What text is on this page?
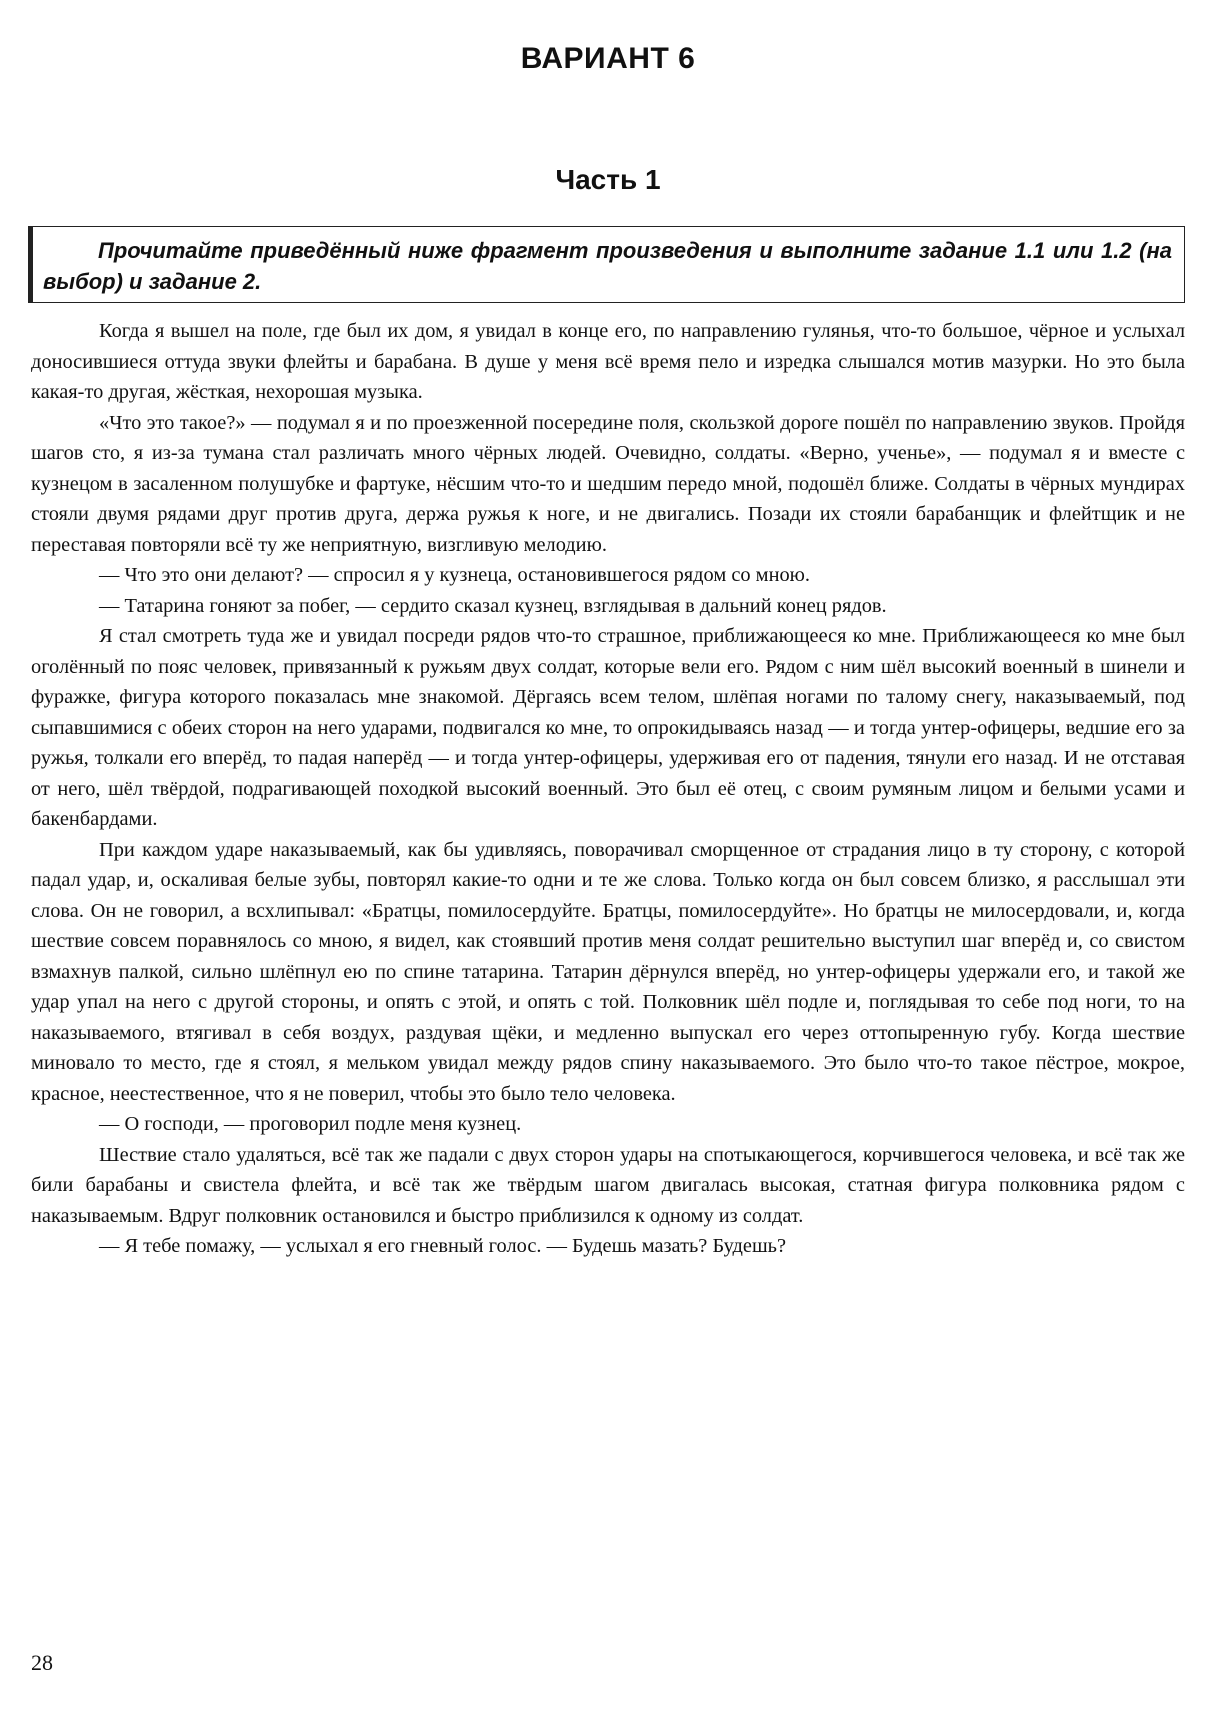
ВАРИАНТ 6
Часть 1
Прочитайте приведённый ниже фрагмент произведения и выполните задание 1.1 или 1.2 (на выбор) и задание 2.

Когда я вышел на поле, где был их дом, я увидал в конце его, по направлению гулянья, что-то большое, чёрное и услыхал доносившиеся оттуда звуки флейты и барабана. В душе у меня всё время пело и изредка слышался мотив мазурки. Но это была какая-то другая, жёсткая, нехорошая музыка.

«Что это такое?» — подумал я и по проезженной посередине поля, скользкой дороге пошёл по направлению звуков. Пройдя шагов сто, я из-за тумана стал различать много чёрных людей. Очевидно, солдаты. «Верно, ученье», — подумал я и вместе с кузнецом в засаленном полушубке и фартуке, нёсшим что-то и шедшим передо мной, подошёл ближе. Солдаты в чёрных мундирах стояли двумя рядами друг против друга, держа ружья к ноге, и не двигались. Позади их стояли барабанщик и флейтщик и не переставая повторяли всё ту же неприятную, визгливую мелодию.

— Что это они делают? — спросил я у кузнеца, остановившегося рядом со мною.

— Татарина гоняют за побег, — сердито сказал кузнец, взглядывая в дальний конец рядов.

Я стал смотреть туда же и увидал посреди рядов что-то страшное, приближающееся ко мне. Приближающееся ко мне был оголённый по пояс человек, привязанный к ружьям двух солдат, которые вели его. Рядом с ним шёл высокий военный в шинели и фуражке, фигура которого показалась мне знакомой. Дёргаясь всем телом, шлёпая ногами по талому снегу, наказываемый, под сыпавшимися с обеих сторон на него ударами, подвигался ко мне, то опрокидываясь назад — и тогда унтер-офицеры, ведшие его за ружья, толкали его вперёд, то падая наперёд — и тогда унтер-офицеры, удерживая его от падения, тянули его назад. И не отставая от него, шёл твёрдой, подрагивающей походкой высокий военный. Это был её отец, с своим румяным лицом и белыми усами и бакенбардами.

При каждом ударе наказываемый, как бы удивляясь, поворачивал сморщенное от страдания лицо в ту сторону, с которой падал удар, и, оскаливая белые зубы, повторял какие-то одни и те же слова. Только когда он был совсем близко, я расслышал эти слова. Он не говорил, а всхлипывал: «Братцы, помилосердуйте. Братцы, помилосердуйте». Но братцы не милосердовали, и, когда шествие совсем поравнялось со мною, я видел, как стоявший против меня солдат решительно выступил шаг вперёд и, со свистом взмахнув палкой, сильно шлёпнул ею по спине татарина. Татарин дёрнулся вперёд, но унтер-офицеры удержали его, и такой же удар упал на него с другой стороны, и опять с этой, и опять с той. Полковник шёл подле и, поглядывая то себе под ноги, то на наказываемого, втягивал в себя воздух, раздувая щёки, и медленно выпускал его через оттопыренную губу. Когда шествие миновало то место, где я стоял, я мельком увидал между рядов спину наказываемого. Это было что-то такое пёстрое, мокрое, красное, неестественное, что я не поверил, чтобы это было тело человека.

— О господи, — проговорил подле меня кузнец.

Шествие стало удаляться, всё так же падали с двух сторон удары на спотыкающегося, корчившегося человека, и всё так же били барабаны и свистела флейта, и всё так же твёрдым шагом двигалась высокая, статная фигура полковника рядом с наказываемым. Вдруг полковник остановился и быстро приблизился к одному из солдат.

— Я тебе помажу, — услыхал я его гневный голос. — Будешь мазать? Будешь?

28
